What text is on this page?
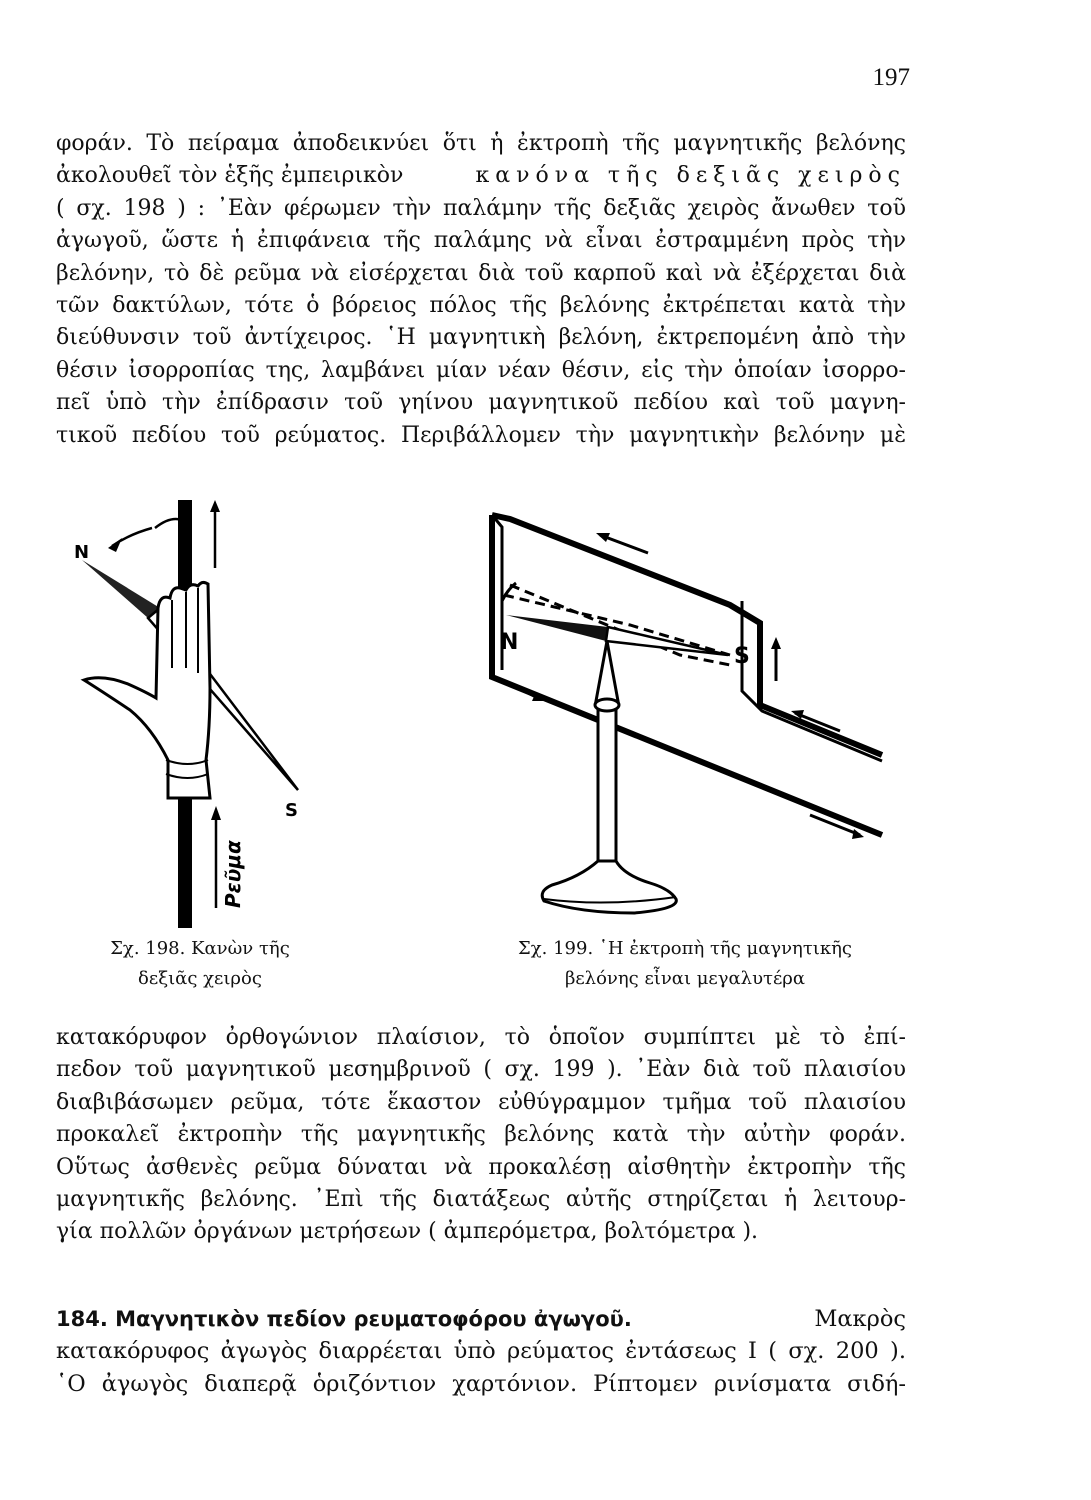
197
φοράν. Τὸ πείραμα ἀποδεικνύει ὅτι ἡ ἐκτροπὴ τῆς μαγνητικῆς βελόνης
ἀκολουθεῖ τὸν ἑξῆς ἐμπειρικὸν	κανόνα τῆς δεξιᾶς χειρὸς
( σχ. 198 ) : ᾿Εὰν φέρωμεν τὴν παλάμην τῆς δεξιᾶς χειρὸς ἄνωθεν τοῦ
ἀγωγοῦ, ὥστε ἡ ἐπιφάνεια τῆς παλάμης νὰ εἶναι ἐστραμμένη πρὸς τὴν
βελόνην, τὸ δὲ ρεῦμα νὰ εἰσέρχεται διὰ τοῦ καρποῦ καὶ νὰ ἐξέρχεται διὰ
τῶν δακτύλων, τότε ὁ βόρειος πόλος τῆς βελόνης ἐκτρέπεται κατὰ τὴν
διεύθυνσιν τοῦ ἀντίχειρος. ῾Η μαγνητικὴ βελόνη, ἐκτρεπομένη ἀπὸ τὴν
θέσιν ἰσορροπίας της, λαμβάνει μίαν νέαν θέσιν, εἰς τὴν ὁποίαν ἰσορρο-
πεῖ ὑπὸ τὴν ἐπίδρασιν τοῦ γηίνου μαγνητικοῦ πεδίου καὶ τοῦ μαγνη-
τικοῦ πεδίου τοῦ ρεύματος. Περιβάλλομεν τὴν μαγνητικὴν βελόνην μὲ
N
S
Ρεῦμα
N
S
Σχ. 198. Κανὼν τῆς
δεξιᾶς χειρὸς
Σχ. 199. ῾Η ἐκτροπὴ τῆς μαγνητικῆς
βελόνης εἶναι μεγαλυτέρα
κατακόρυφον ὀρθογώνιον πλαίσιον, τὸ ὁποῖον συμπίπτει μὲ τὸ ἐπί-
πεδον τοῦ μαγνητικοῦ μεσημβρινοῦ ( σχ. 199 ). ᾿Εὰν διὰ τοῦ πλαισίου
διαβιβάσωμεν ρεῦμα, τότε ἕκαστον εὐθύγραμμον τμῆμα τοῦ πλαισίου
προκαλεῖ ἐκτροπὴν τῆς μαγνητικῆς βελόνης κατὰ τὴν αὐτὴν φοράν.
Οὕτως ἀσθενὲς ρεῦμα δύναται νὰ προκαλέσῃ αἰσθητὴν ἐκτροπὴν τῆς
μαγνητικῆς βελόνης. ᾿Επὶ τῆς διατάξεως αὐτῆς στηρίζεται ἡ λειτουρ-
γία πολλῶν ὀργάνων μετρήσεων ( ἀμπερόμετρα, βολτόμετρα ).
184. Μαγνητικὸν πεδίον ρευματοφόρου ἀγωγοῦ.	Μακρὸς
κατακόρυφος ἀγωγὸς διαρρέεται ὑπὸ ρεύματος ἐντάσεως Ι ( σχ. 200 ).
῾Ο ἀγωγὸς διαπερᾷ ὁριζόντιον χαρτόνιον. Ρίπτομεν ρινίσματα σιδή-
